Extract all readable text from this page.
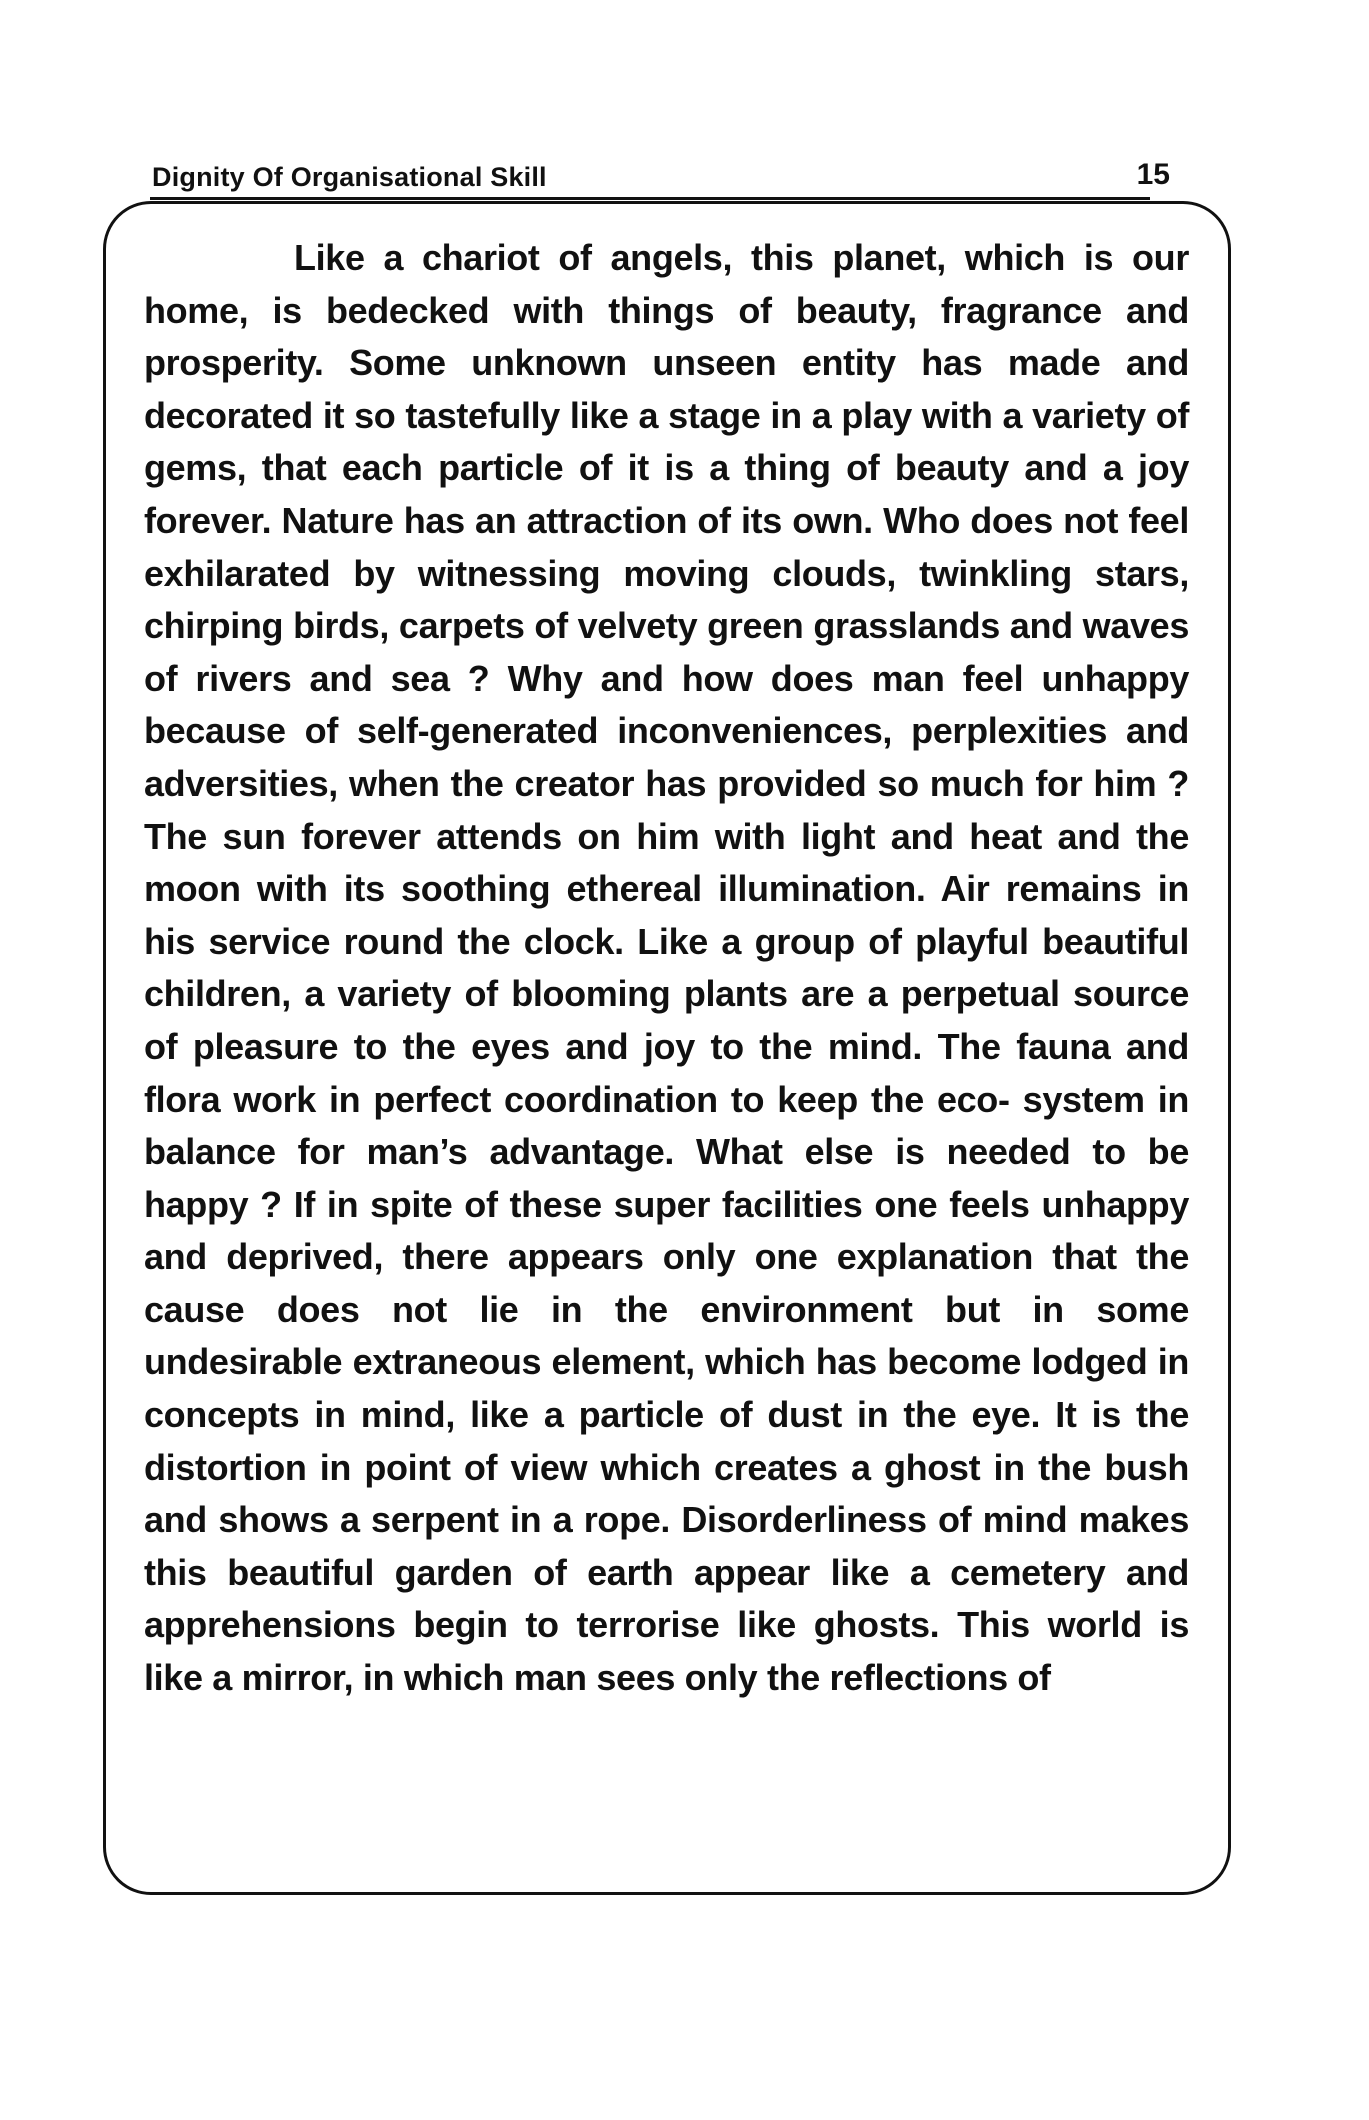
Dignity Of Organisational Skill	15

Like a chariot of angels, this planet, which is our home, is bedecked with things of beauty, fragrance and prosperity. Some unknown unseen entity has made and decorated it so tastefully like a stage in a play with a variety of gems, that each particle of it is a thing of beauty and a joy forever. Nature has an attraction of its own. Who does not feel exhilarated by witnessing moving clouds, twinkling stars, chirping birds, carpets of velvety green grasslands and waves of rivers and sea ? Why and how does man feel unhappy because of self-generated inconveniences, perplexities and adversities, when the creator has provided so much for him ? The sun forever attends on him with light and heat and the moon with its soothing ethereal illumination. Air remains in his service round the clock. Like a group of playful beautiful children, a variety of blooming plants are a perpetual source of pleasure to the eyes and joy to the mind. The fauna and flora work in perfect coordination to keep the eco- system in balance for man’s advantage. What else is needed to be happy ? If in spite of these super facilities one feels unhappy and deprived, there appears only one explanation that the cause does not lie in the environment but in some undesirable extraneous element, which has become lodged in concepts in mind, like a particle of dust in the eye. It is the distortion in point of view which creates a ghost in the bush and shows a serpent in a rope. Disorderliness of mind makes this beautiful garden of earth appear like a cemetery and apprehensions begin to terrorise like ghosts. This world is like a mirror, in which man sees only the reflections of
